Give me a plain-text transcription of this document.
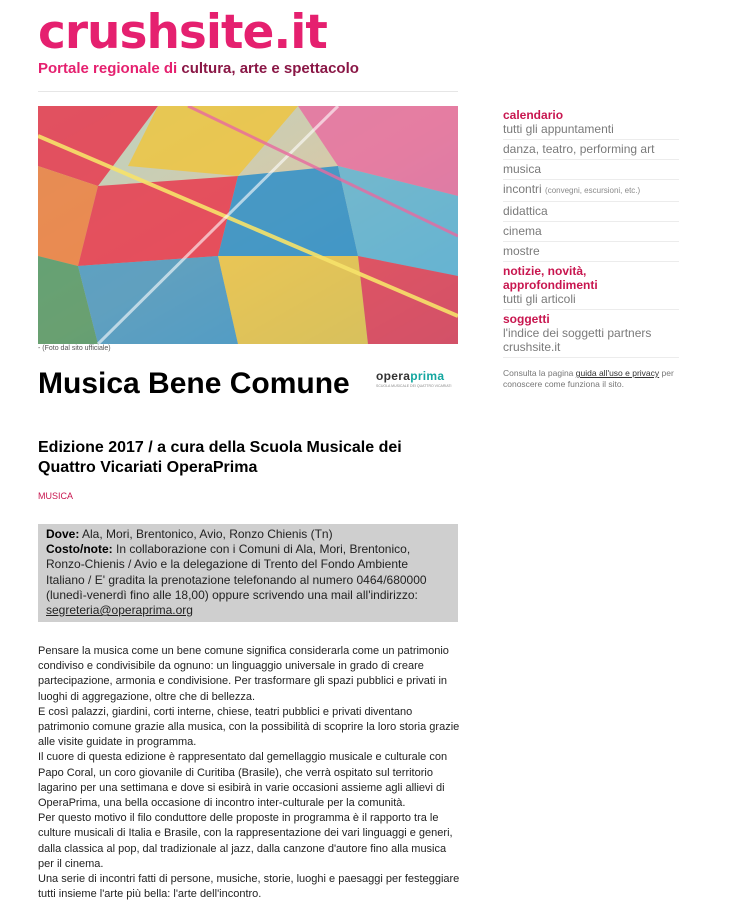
crushsite.it
Portale regionale di cultura, arte e spettacolo
- (Foto dal sito ufficiale)
operaprima
SCUOLA MUSICALE DEI QUATTRO VICARIATI
Musica Bene Comune
Edizione 2017 / a cura della Scuola Musicale dei Quattro Vicariati OperaPrima
MUSICA
Dove: Ala, Mori, Brentonico, Avio, Ronzo Chienis (Tn)
Costo/note: In collaborazione con i Comuni di Ala, Mori, Brentonico, Ronzo-Chienis / Avio e la delegazione di Trento del Fondo Ambiente Italiano / E' gradita la prenotazione telefonando al numero 0464/680000 (lunedì-venerdì fino alle 18,00) oppure scrivendo una mail all'indirizzo:
segreteria@operaprima.org

Pensare la musica come un bene comune significa considerarla come un patrimonio condiviso e condivisibile da ognuno: un linguaggio universale in grado di creare partecipazione, armonia e condivisione. Per trasformare gli spazi pubblici e privati in luoghi di aggregazione, oltre che di bellezza.

E così palazzi, giardini, corti interne, chiese, teatri pubblici e privati diventano patrimonio comune grazie alla musica, con la possibilità di scoprire la loro storia grazie alle visite guidate in programma.

Il cuore di questa edizione è rappresentato dal gemellaggio musicale e culturale con Papo Coral, un coro giovanile di Curitiba (Brasile), che verrà ospitato sul territorio lagarino per una settimana e dove si esibirà in varie occasioni assieme agli allievi di OperaPrima, una bella occasione di incontro inter-culturale per la comunità.

Per questo motivo il filo conduttore delle proposte in programma è il rapporto tra le culture musicali di Italia e Brasile, con la rappresentazione dei vari linguaggi e generi, dalla classica al pop, dal tradizionale al jazz, dalla canzone d'autore fino alla musica per il cinema.

Una serie di incontri fatti di persone, musiche, storie, luoghi e paesaggi per festeggiare tutti insieme l'arte più bella: l'arte dell'incontro.

calendario
tutti gli appuntamenti
danza, teatro, performing art
musica
incontri (convegni, escursioni, etc.)
didattica
cinema
mostre
notizie, novità, approfondimenti
tutti gli articoli
soggetti
l'indice dei soggetti partners crushsite.it
Consulta la pagina guida all'uso e privacy per conoscere come funziona il sito.
